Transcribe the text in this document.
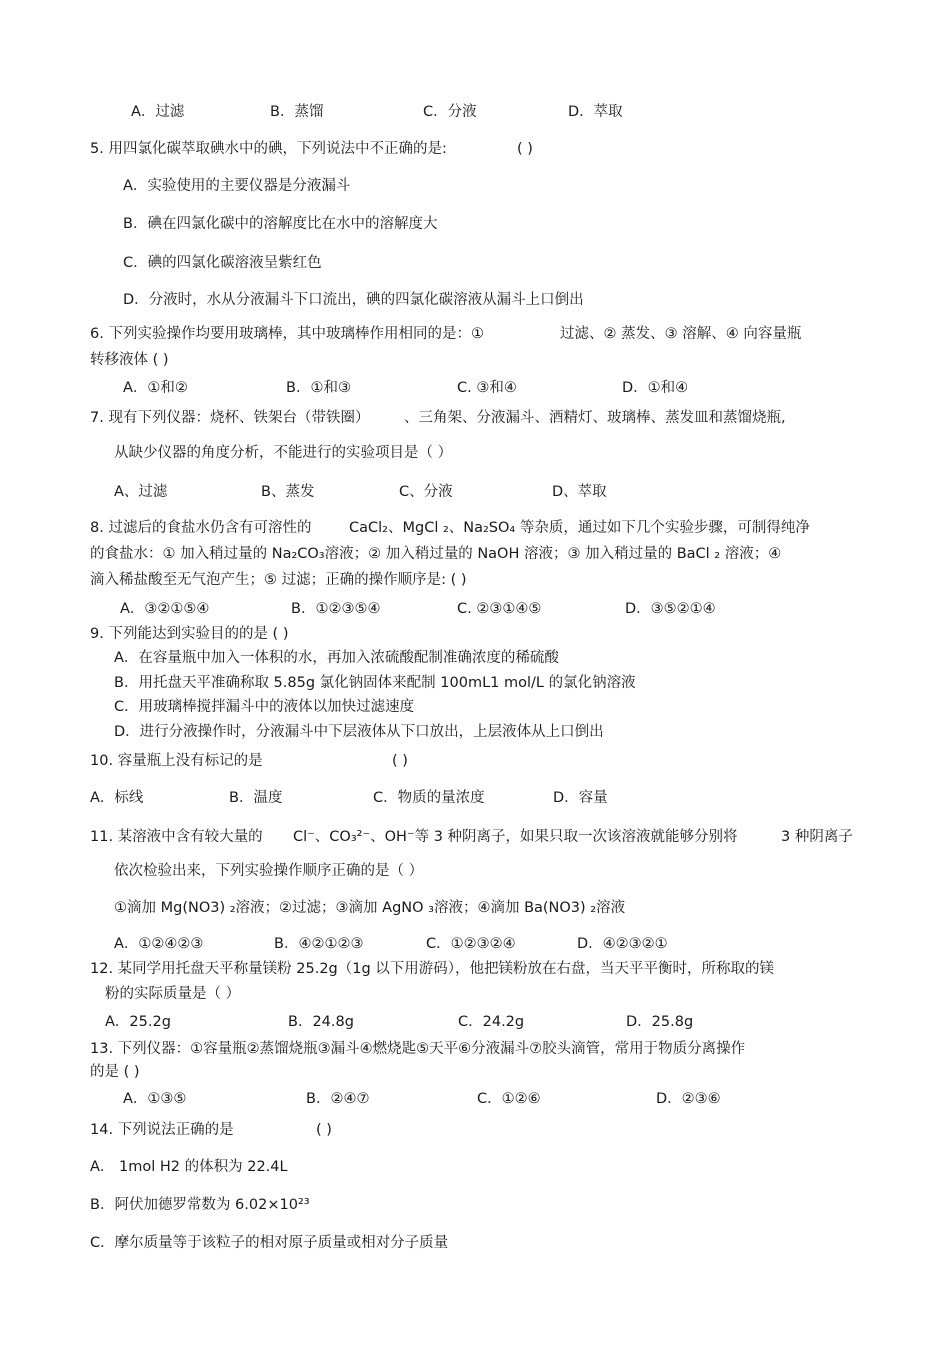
A．过滤	B．蒸馏	C．分液	D．萃取
5. 用四氯化碳萃取碘水中的碘，下列说法中不正确的是:	( )
A．实验使用的主要仪器是分液漏斗
B．碘在四氯化碳中的溶解度比在水中的溶解度大
C．碘的四氯化碳溶液呈紫红色
D．分液时，水从分液漏斗下口流出，碘的四氯化碳溶液从漏斗上口倒出
6. 下列实验操作均要用玻璃棒，其中玻璃棒作用相同的是：①	过滤、② 蒸发、③ 溶解、④ 向容量瓶
转移液体 ( )
A．①和②	B．①和③	C. ③和④	D．①和④
7. 现有下列仪器：烧杯、铁架台（带铁圈） 、三角架、分液漏斗、酒精灯、玻璃棒、蒸发皿和蒸馏烧瓶,
从缺少仪器的角度分析，不能进行的实验项目是（ ）
A、过滤	B、蒸发	C、分液	D、萃取
8. 过滤后的食盐水仍含有可溶性的	CaCl₂、MgCl ₂、Na₂SO₄ 等杂质，通过如下几个实验步骤，可制得纯净
的食盐水：① 加入稍过量的 Na₂CO₃溶液；② 加入稍过量的 NaOH 溶液；③ 加入稍过量的 BaCl ₂ 溶液；④
滴入稀盐酸至无气泡产生；⑤ 过滤；正确的操作顺序是: ( )
A．③②①⑤④	B．①②③⑤④	C. ②③①④⑤	D．③⑤②①④
9. 下列能达到实验目的的是 ( )
A．在容量瓶中加入一体积的水，再加入浓硫酸配制准确浓度的稀硫酸
B．用托盘天平准确称取 5.85g 氯化钠固体来配制 100mL1 mol/L 的氯化钠溶液
C．用玻璃棒搅拌漏斗中的液体以加快过滤速度
D．进行分液操作时，分液漏斗中下层液体从下口放出，上层液体从上口倒出
10. 容量瓶上没有标记的是	( )
A．标线	B．温度	C．物质的量浓度	D．容量
11. 某溶液中含有较大量的 Cl⁻、CO₃²⁻、OH⁻等 3 种阴离子，如果只取一次该溶液就能够分别将	3 种阴离子
依次检验出来，下列实验操作顺序正确的是（ ）
①滴加 Mg(NO3) ₂溶液；②过滤；③滴加 AgNO ₃溶液；④滴加 Ba(NO3) ₂溶液
A．①②④②③	B．④②①②③	C．①②③②④	D．④②③②①
12. 某同学用托盘天平称量镁粉 25.2g（1g 以下用游码），他把镁粉放在右盘，当天平平衡时，所称取的镁
粉的实际质量是（ ）
A．25.2g	B．24.8g	C．24.2g	D．25.8g
13. 下列仪器：①容量瓶②蒸馏烧瓶③漏斗④燃烧匙⑤天平⑥分液漏斗⑦胶头滴管，常用于物质分离操作
的是 ( )
A．①③⑤	B．②④⑦	C．①②⑥	D．②③⑥
14. 下列说法正确的是	( )
A． 1mol H2 的体积为 22.4L
B．阿伏加德罗常数为 6.02×10²³
C．摩尔质量等于该粒子的相对原子质量或相对分子质量
